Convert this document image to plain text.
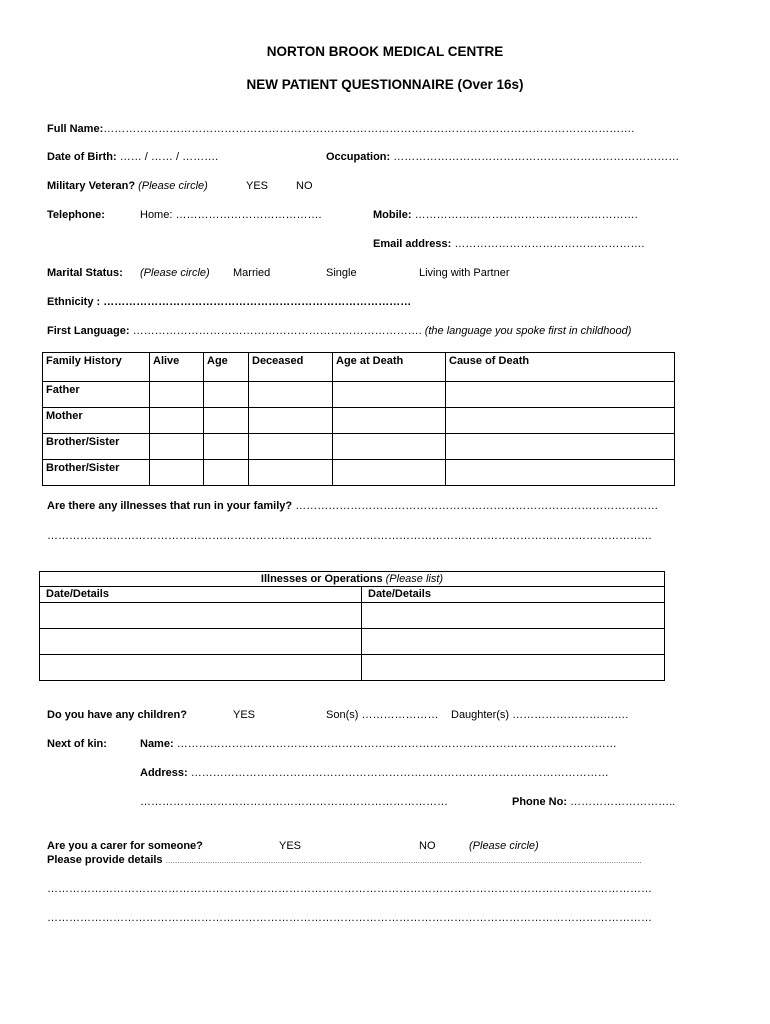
NORTON BROOK MEDICAL CENTRE
NEW PATIENT QUESTIONNAIRE (Over 16s)
Full Name:……………………………………………………………………………………………………………………………….
Date of Birth: …… / …… / ……….	Occupation: ……………………………………………………………………
Military Veteran? (Please circle)	YES	NO
Telephone:	Home: ………………………………….	Mobile: …………………………………………………….
Email address: …………………………………………….
Marital Status: (Please circle) Married	Single	Living with Partner
Ethnicity : …………………………………………………………………………
First Language: ……………………………………………………………………. (the language you spoke first in childhood)
Family History	Alive	Age	Deceased	Age at Death	Cause of Death
Father					
Mother					
Brother/Sister					
Brother/Sister					
Are there any illnesses that run in your family? ………………………………………………………………………………………
…………………………………………………………………………………………………………………………………………………
Illnesses or Operations (Please list)	
Date/Details	Date/Details

Do you have any children?	YES	Son(s) ………………… Daughter(s) …………………….…….
Next of kin:	Name: …………………………………………………………………………………………………………
Address: ……………………………………………………………………………………………………
…………………………………………………………………………	Phone No: ………………………..
Are you a carer for someone?	YES	NO	(Please circle)
Please provide details ……………………………………………………………………………………………………………………………………………………………………………………
…………………………………………………………………………………………………………………………………………………
…………………………………………………………………………………………………………………………………………………
